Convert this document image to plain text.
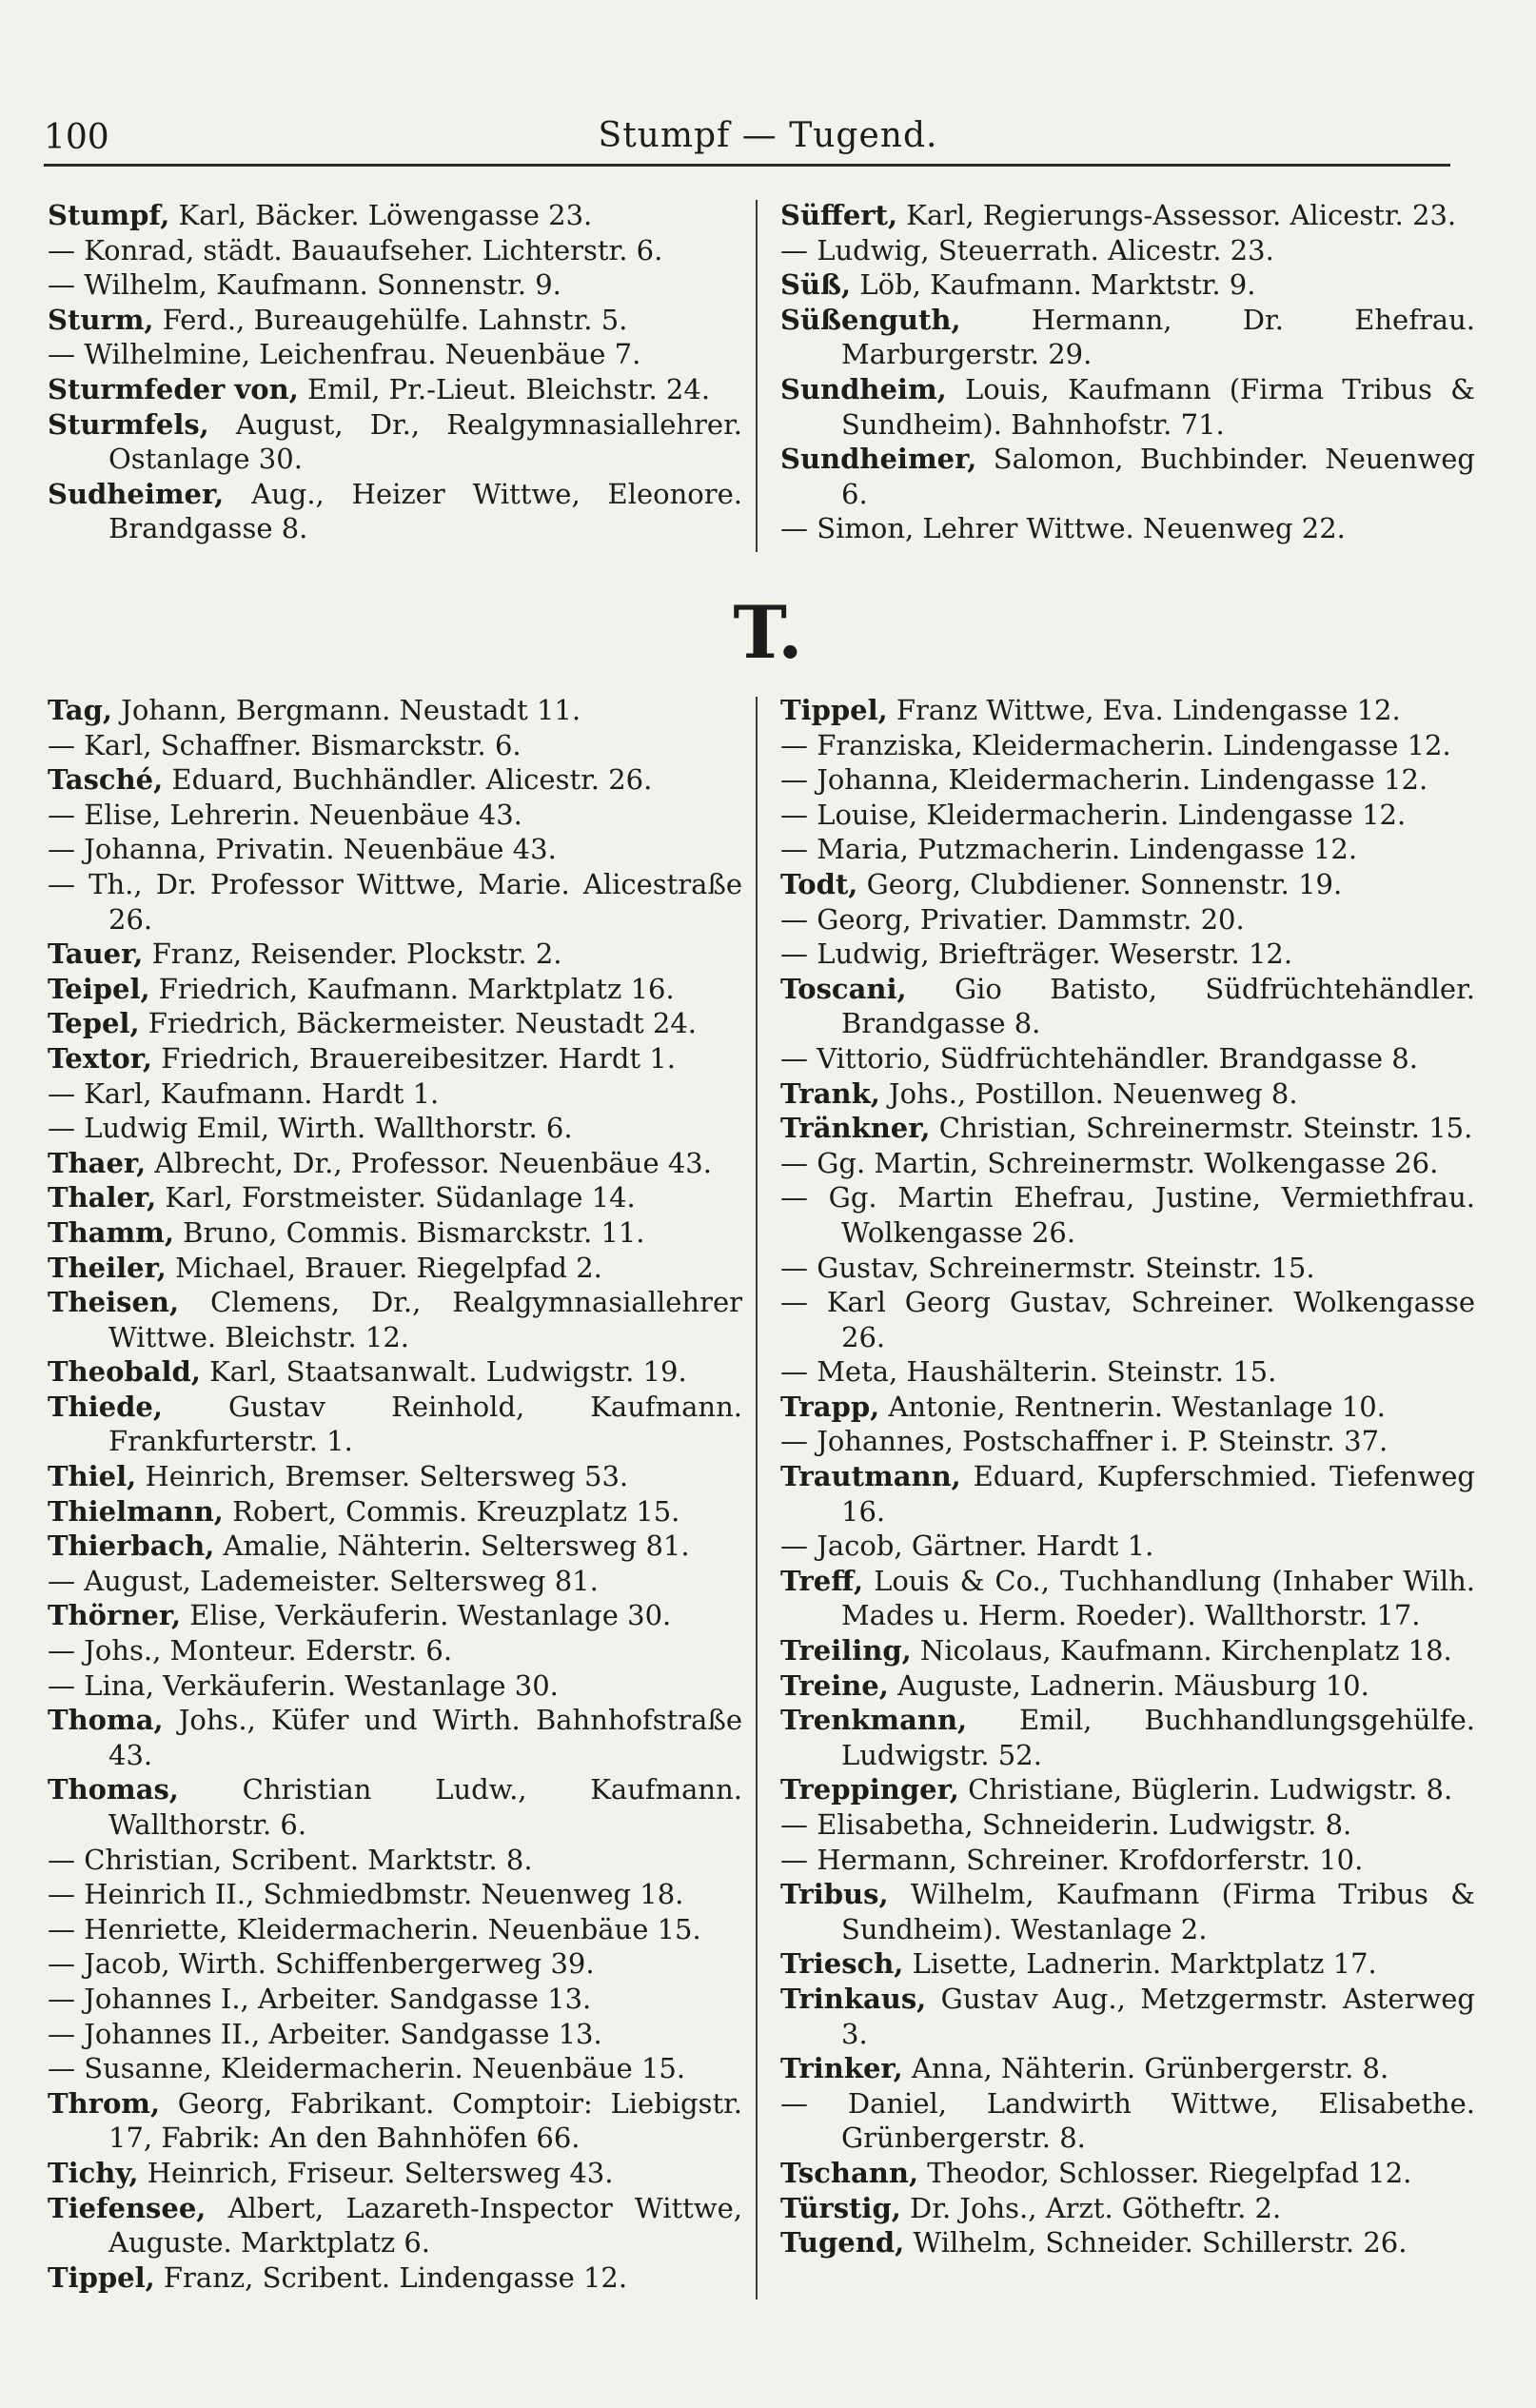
100	Stumpf — Tugend.
Stumpf, Karl, Bäcker. Löwengasse 23.
— Konrad, städt. Bauaufseher. Lichterstr. 6.
— Wilhelm, Kaufmann. Sonnenstr. 9.
Sturm, Ferd., Bureaugehülfe. Lahnstr. 5.
— Wilhelmine, Leichenfrau. Neuenbäue 7.
Sturmfeder von, Emil, Pr.-Lieut. Bleichstr. 24.
Sturmfels, August, Dr., Realgymnasiallehrer. Ostanlage 30.
Sudheimer, Aug., Heizer Wittwe, Eleonore. Brandgasse 8.
Süffert, Karl, Regierungs-Assessor. Alicestr. 23.
— Ludwig, Steuerrath. Alicestr. 23.
Süß, Löb, Kaufmann. Marktstr. 9.
Süßenguth, Hermann, Dr. Ehefrau. Marburgerstr. 29.
Sundheim, Louis, Kaufmann (Firma Tribus & Sundheim). Bahnhofstr. 71.
Sundheimer, Salomon, Buchbinder. Neuenweg 6.
— Simon, Lehrer Wittwe. Neuenweg 22.
T.
Tag, Johann, Bergmann. Neustadt 11.
— Karl, Schaffner. Bismarckstr. 6.
Tasché, Eduard, Buchhändler. Alicestr. 26.
— Elise, Lehrerin. Neuenbäue 43.
— Johanna, Privatin. Neuenbäue 43.
— Th., Dr. Professor Wittwe, Marie. Alicestraße 26.
Tauer, Franz, Reisender. Plockstr. 2.
Teipel, Friedrich, Kaufmann. Marktplatz 16.
Tepel, Friedrich, Bäckermeister. Neustadt 24.
Textor, Friedrich, Brauereibesitzer. Hardt 1.
— Karl, Kaufmann. Hardt 1.
— Ludwig Emil, Wirth. Wallthorstr. 6.
Thaer, Albrecht, Dr., Professor. Neuenbäue 43.
Thaler, Karl, Forstmeister. Südanlage 14.
Thamm, Bruno, Commis. Bismarckstr. 11.
Theiler, Michael, Brauer. Riegelpfad 2.
Theisen, Clemens, Dr., Realgymnasiallehrer Wittwe. Bleichstr. 12.
Theobald, Karl, Staatsanwalt. Ludwigstr. 19.
Thiede, Gustav Reinhold, Kaufmann. Frankfurterstr. 1.
Thiel, Heinrich, Bremser. Seltersweg 53.
Thielmann, Robert, Commis. Kreuzplatz 15.
Thierbach, Amalie, Nähterin. Seltersweg 81.
— August, Lademeister. Seltersweg 81.
Thörner, Elise, Verkäuferin. Westanlage 30.
— Johs., Monteur. Ederstr. 6.
— Lina, Verkäuferin. Westanlage 30.
Thoma, Johs., Küfer und Wirth. Bahnhofstraße 43.
Thomas, Christian Ludw., Kaufmann. Wallthorstr. 6.
— Christian, Scribent. Marktstr. 8.
— Heinrich II., Schmiedbmstr. Neuenweg 18.
— Henriette, Kleidermacherin. Neuenbäue 15.
— Jacob, Wirth. Schiffenbergerweg 39.
— Johannes I., Arbeiter. Sandgasse 13.
— Johannes II., Arbeiter. Sandgasse 13.
— Susanne, Kleidermacherin. Neuenbäue 15.
Throm, Georg, Fabrikant. Comptoir: Liebigstr. 17, Fabrik: An den Bahnhöfen 66.
Tichy, Heinrich, Friseur. Seltersweg 43.
Tiefensee, Albert, Lazareth-Inspector Wittwe, Auguste. Marktplatz 6.
Tippel, Franz, Scribent. Lindengasse 12.
Tippel, Franz Wittwe, Eva. Lindengasse 12.
— Franziska, Kleidermacherin. Lindengasse 12.
— Johanna, Kleidermacherin. Lindengasse 12.
— Louise, Kleidermacherin. Lindengasse 12.
— Maria, Putzmacherin. Lindengasse 12.
Todt, Georg, Clubdiener. Sonnenstr. 19.
— Georg, Privatier. Dammstr. 20.
— Ludwig, Briefträger. Weserstr. 12.
Toscani, Gio Batisto, Südfrüchtehändler. Brandgasse 8.
— Vittorio, Südfrüchtehändler. Brandgasse 8.
Trank, Johs., Postillon. Neuenweg 8.
Tränkner, Christian, Schreinermstr. Steinstr. 15.
— Gg. Martin, Schreinermstr. Wolkengasse 26.
— Gg. Martin Ehefrau, Justine, Vermiethfrau. Wolkengasse 26.
— Gustav, Schreinermstr. Steinstr. 15.
— Karl Georg Gustav, Schreiner. Wolkengasse 26.
— Meta, Haushälterin. Steinstr. 15.
Trapp, Antonie, Rentnerin. Westanlage 10.
— Johannes, Postschaffner i. P. Steinstr. 37.
Trautmann, Eduard, Kupferschmied. Tiefenweg 16.
— Jacob, Gärtner. Hardt 1.
Treff, Louis & Co., Tuchhandlung (Inhaber Wilh. Mades u. Herm. Roeder). Wallthorstr. 17.
Treiling, Nicolaus, Kaufmann. Kirchenplatz 18.
Treine, Auguste, Ladnerin. Mäusburg 10.
Trenkmann, Emil, Buchhandlungsgehülfe. Ludwigstr. 52.
Treppinger, Christiane, Büglerin. Ludwigstr. 8.
— Elisabetha, Schneiderin. Ludwigstr. 8.
— Hermann, Schreiner. Krofdorferstr. 10.
Tribus, Wilhelm, Kaufmann (Firma Tribus & Sundheim). Westanlage 2.
Triesch, Lisette, Ladnerin. Marktplatz 17.
Trinkaus, Gustav Aug., Metzgermstr. Asterweg 3.
Trinker, Anna, Nähterin. Grünbergerstr. 8.
— Daniel, Landwirth Wittwe, Elisabethe. Grünbergerstr. 8.
Tschann, Theodor, Schlosser. Riegelpfad 12.
Türstig, Dr. Johs., Arzt. Götheftr. 2.
Tugend, Wilhelm, Schneider. Schillerstr. 26.
